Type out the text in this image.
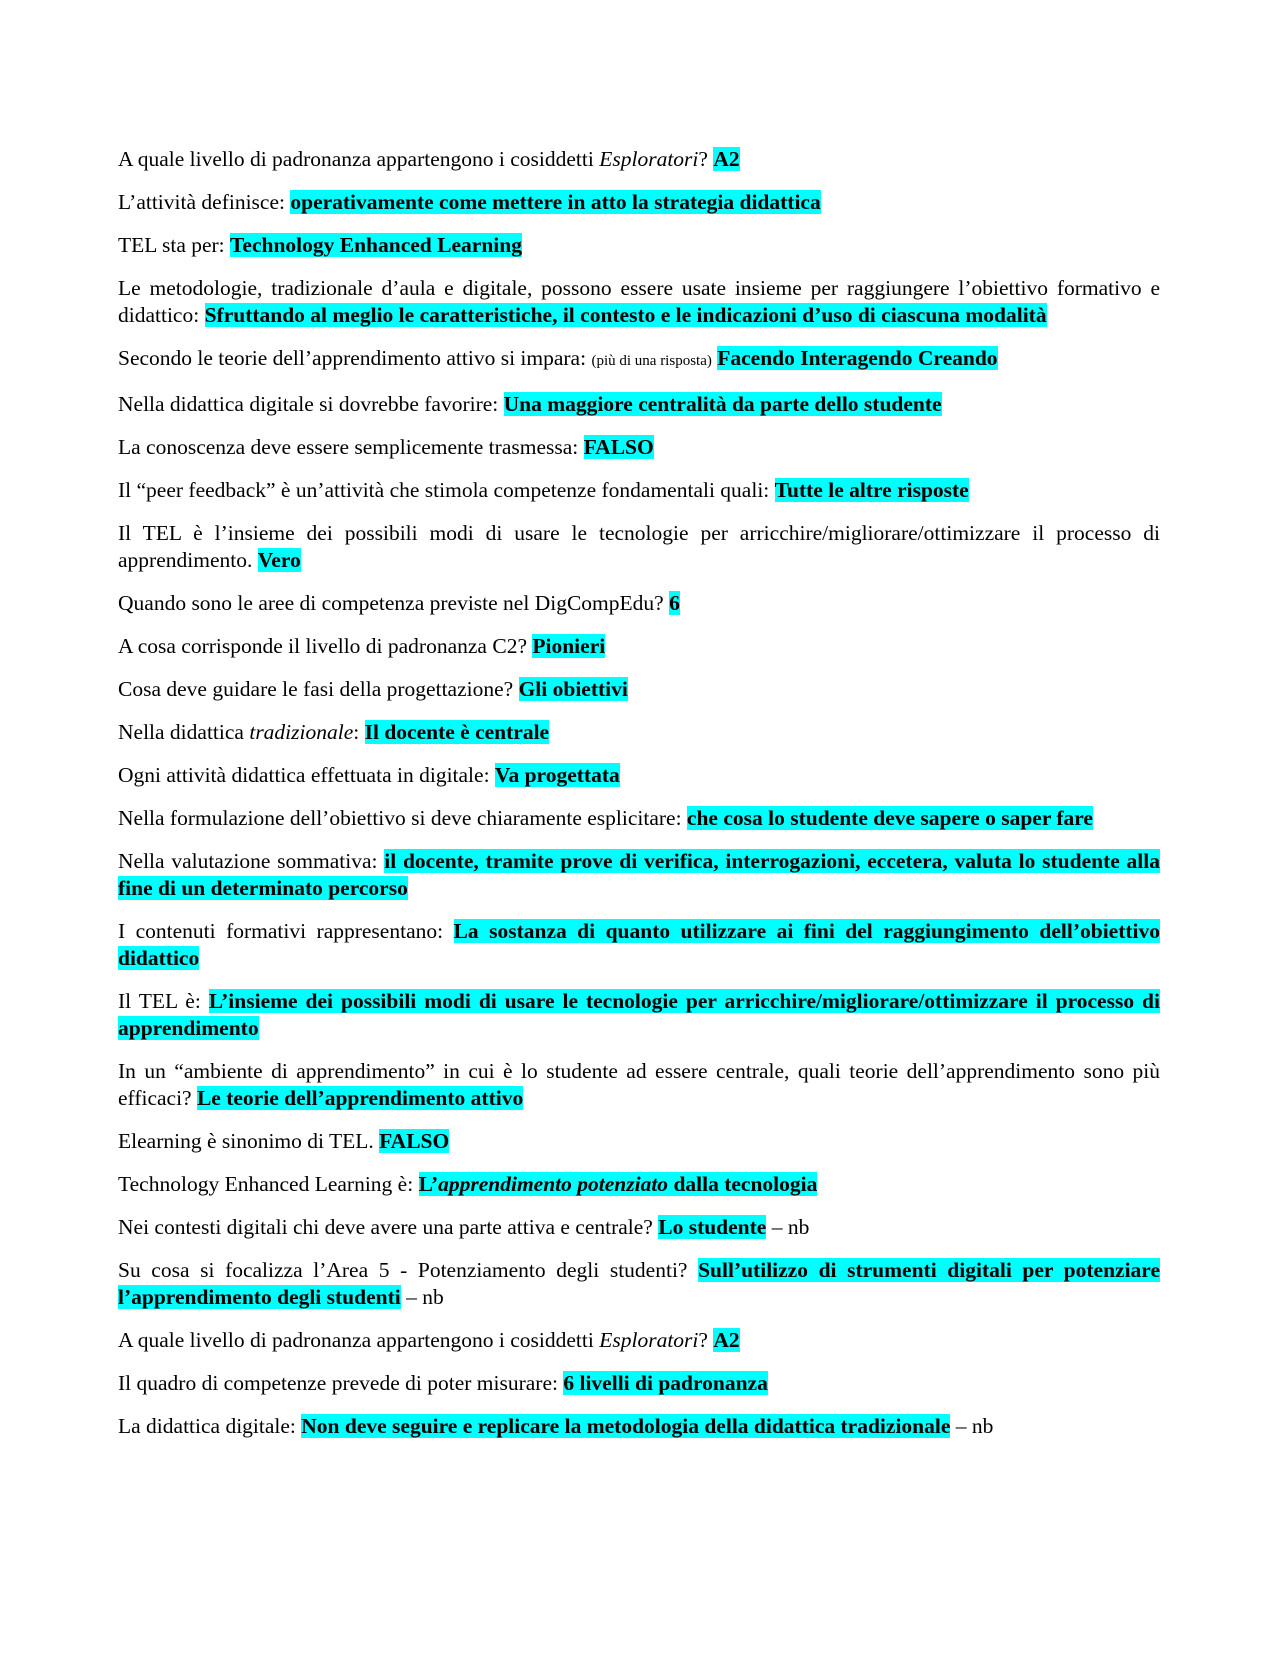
A quale livello di padronanza appartengono i cosiddetti Esploratori? A2

L’attività definisce: operativamente come mettere in atto la strategia didattica

TEL sta per: Technology Enhanced Learning

Le metodologie, tradizionale d’aula e digitale, possono essere usate insieme per raggiungere l’obiettivo formativo e didattico: Sfruttando al meglio le caratteristiche, il contesto e le indicazioni d’uso di ciascuna modalità

Secondo le teorie dell’apprendimento attivo si impara: (più di una risposta) Facendo Interagendo Creando

Nella didattica digitale si dovrebbe favorire: Una maggiore centralità da parte dello studente

La conoscenza deve essere semplicemente trasmessa: FALSO

Il “peer feedback” è un’attività che stimola competenze fondamentali quali: Tutte le altre risposte

Il TEL è l’insieme dei possibili modi di usare le tecnologie per arricchire/migliorare/ottimizzare il processo di apprendimento. Vero

Quando sono le aree di competenza previste nel DigCompEdu? 6

A cosa corrisponde il livello di padronanza C2? Pionieri

Cosa deve guidare le fasi della progettazione? Gli obiettivi

Nella didattica tradizionale: Il docente è centrale

Ogni attività didattica effettuata in digitale: Va progettata

Nella formulazione dell’obiettivo si deve chiaramente esplicitare: che cosa lo studente deve sapere o saper fare

Nella valutazione sommativa: il docente, tramite prove di verifica, interrogazioni, eccetera, valuta lo studente alla fine di un determinato percorso

I contenuti formativi rappresentano: La sostanza di quanto utilizzare ai fini del raggiungimento dell’obiettivo didattico

Il TEL è: L’insieme dei possibili modi di usare le tecnologie per arricchire/migliorare/ottimizzare il processo di apprendimento

In un “ambiente di apprendimento” in cui è lo studente ad essere centrale, quali teorie dell’apprendimento sono più efficaci? Le teorie dell’apprendimento attivo

Elearning è sinonimo di TEL. FALSO

Technology Enhanced Learning è: L’apprendimento potenziato dalla tecnologia

Nei contesti digitali chi deve avere una parte attiva e centrale? Lo studente – nb

Su cosa si focalizza l’Area 5 - Potenziamento degli studenti? Sull’utilizzo di strumenti digitali per potenziare l’apprendimento degli studenti – nb

A quale livello di padronanza appartengono i cosiddetti Esploratori? A2

Il quadro di competenze prevede di poter misurare: 6 livelli di padronanza

La didattica digitale: Non deve seguire e replicare la metodologia della didattica tradizionale – nb
